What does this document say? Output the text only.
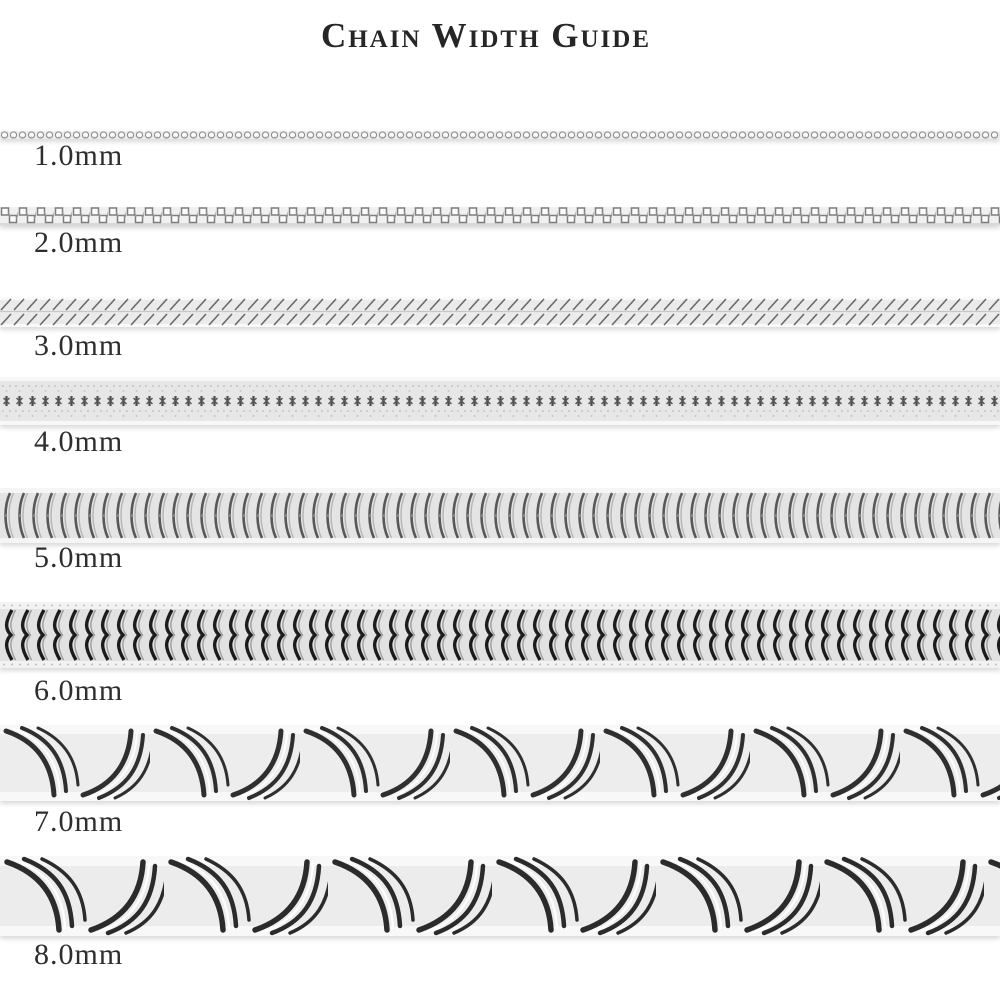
Chain Width Guide

1.0mm

2.0mm

3.0mm

4.0mm

5.0mm

6.0mm

7.0mm

8.0mm
